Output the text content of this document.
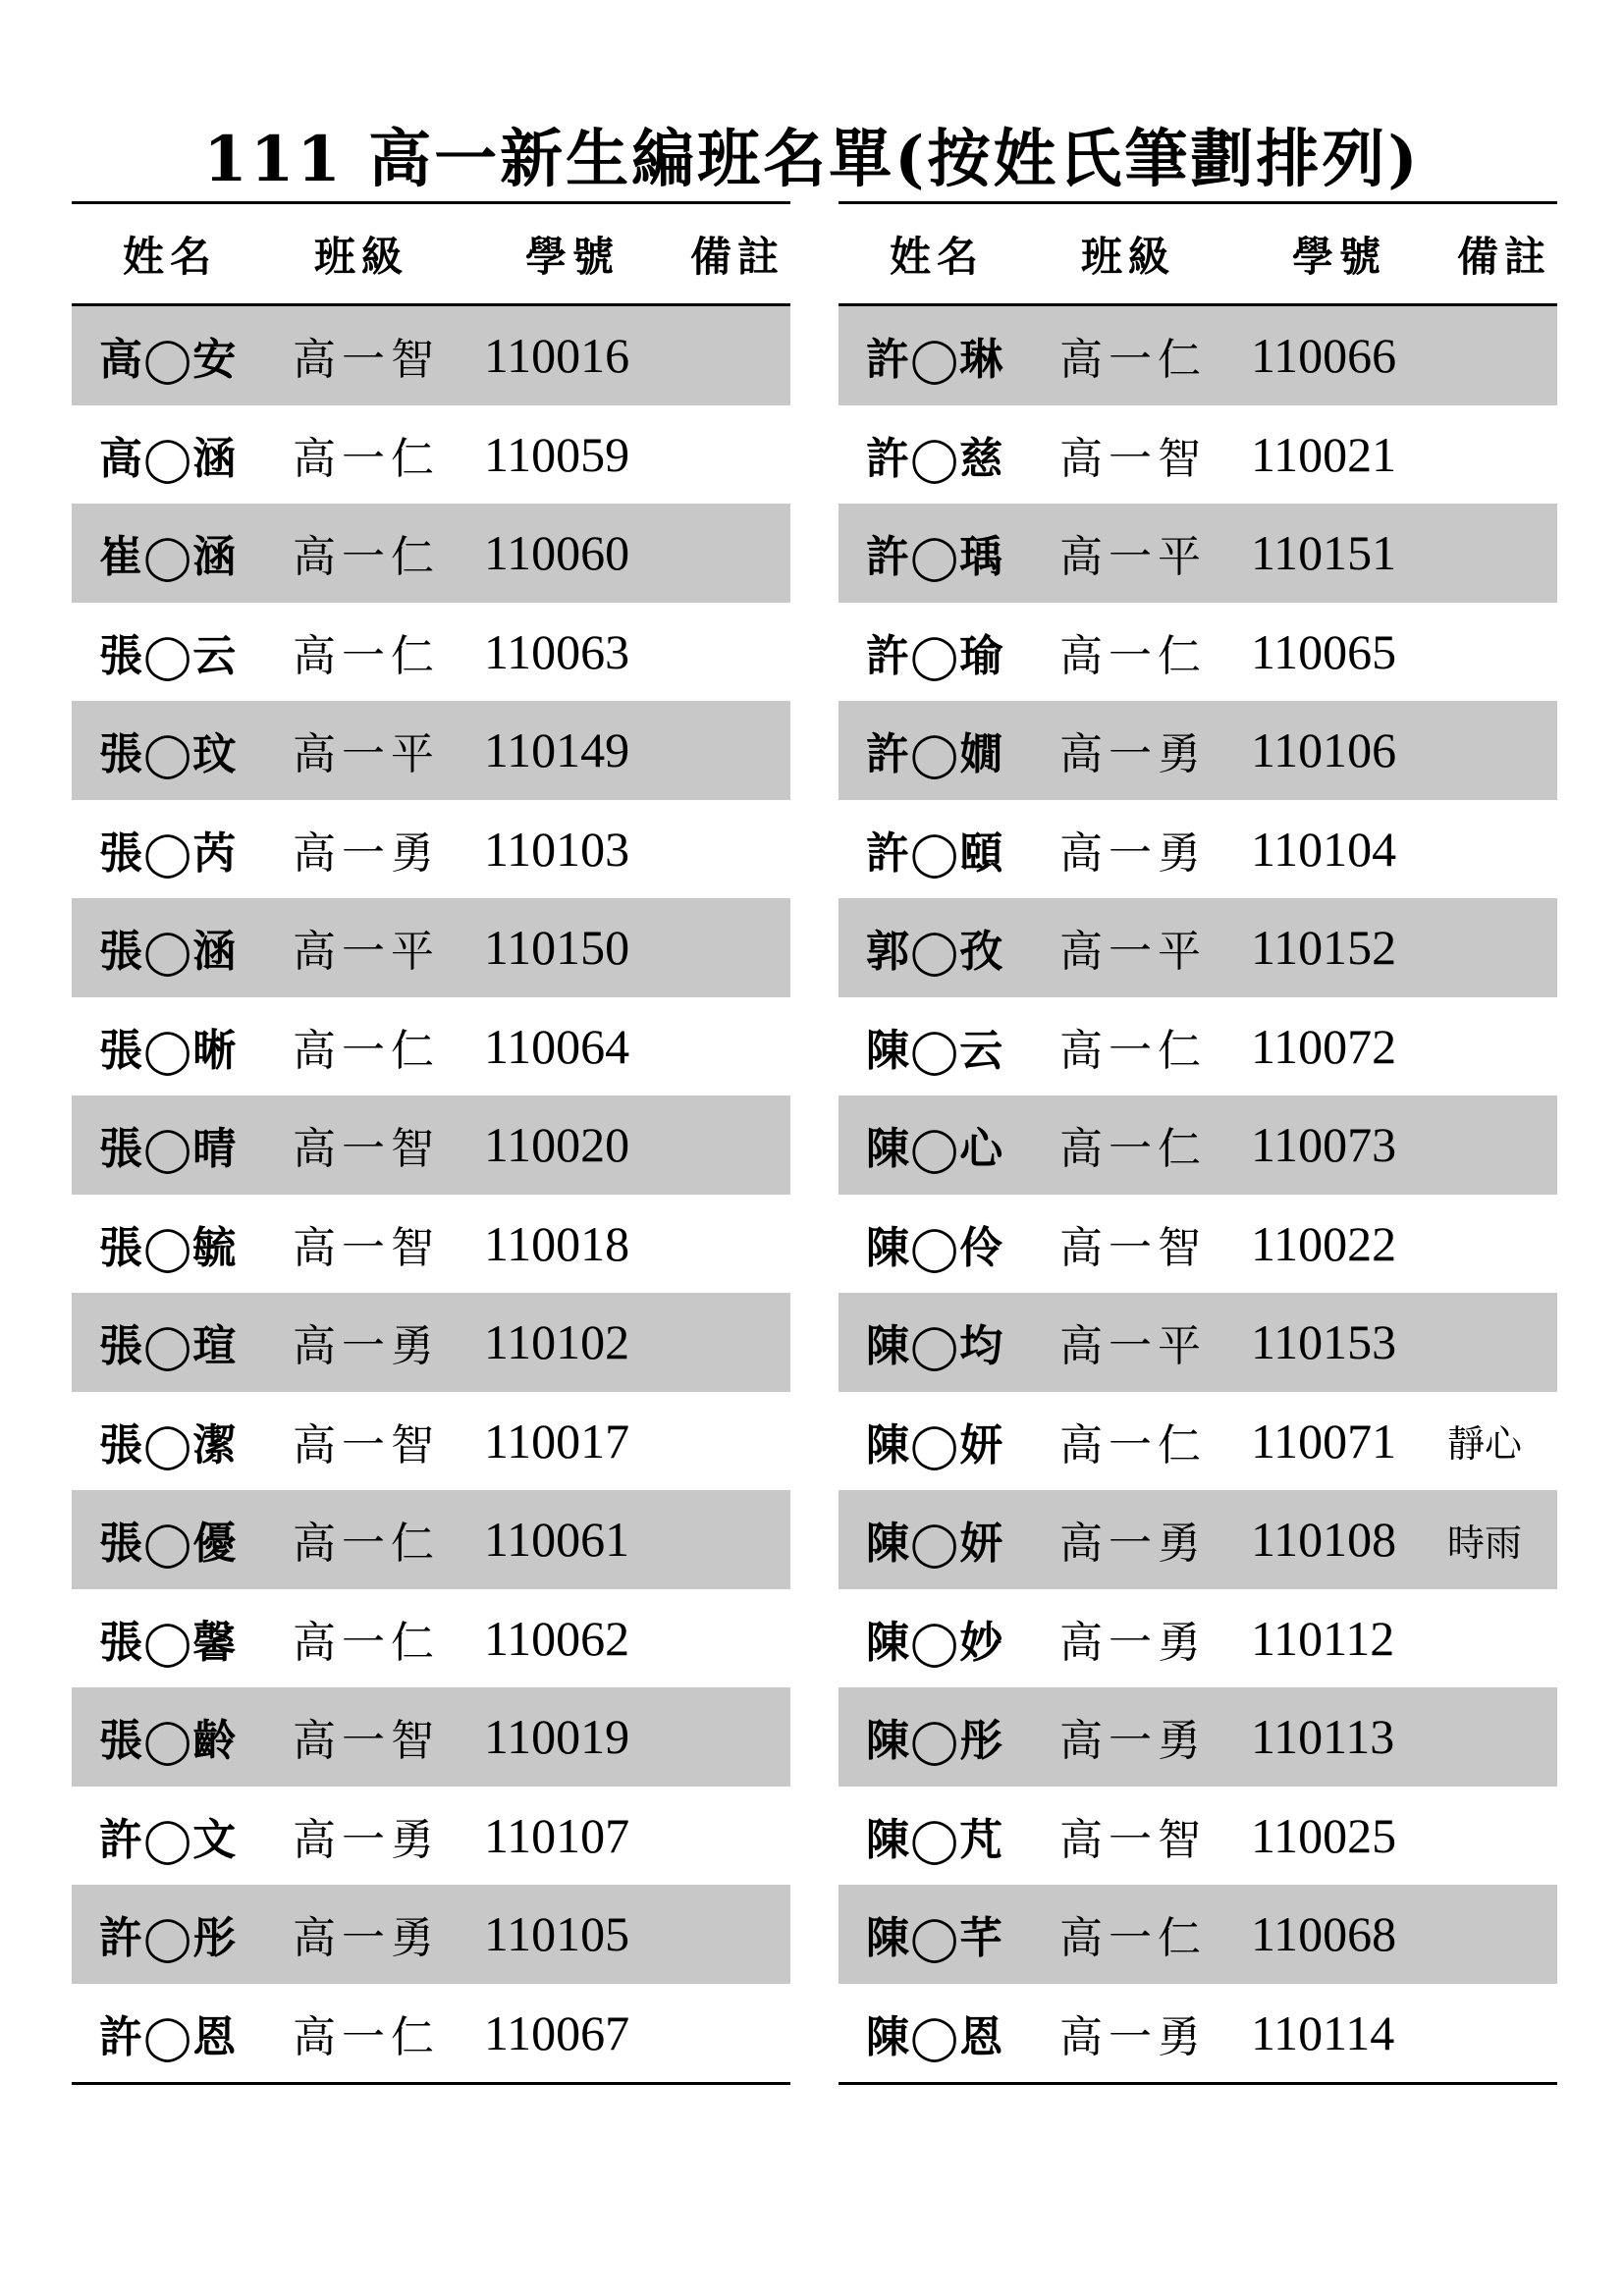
111 高一新生編班名單(按姓氏筆劃排列)
姓名	班級	學號	備註
高◯安	高一智 110016
高◯涵	高一仁 110059
崔◯涵	高一仁 110060
張◯云	高一仁 110063
張◯玟	高一平 110149
張◯芮	高一勇 110103
張◯涵	高一平 110150
張◯晰	高一仁 110064
張◯晴	高一智 110020
張◯毓	高一智 110018
張◯瑄	高一勇 110102
張◯潔	高一智 110017
張◯優	高一仁 110061
張◯馨	高一仁 110062
張◯齡	高一智 110019
許◯文	高一勇 110107
許◯彤	高一勇 110105
許◯恩	高一仁 110067
姓名	班級	學號	備註
許◯琳	高一仁 110066
許◯慈	高一智 110021
許◯瑀	高一平 110151
許◯瑜	高一仁 110065
許◯嫺	高一勇 110106
許◯頤	高一勇 110104
郭◯孜	高一平 110152
陳◯云	高一仁 110072
陳◯心	高一仁 110073
陳◯伶	高一智 110022
陳◯均	高一平 110153
陳◯妍	高一仁 110071	靜心
陳◯妍	高一勇 110108	時雨
陳◯妙	高一勇 110112
陳◯彤	高一勇 110113
陳◯芃	高一智 110025
陳◯芊	高一仁 110068
陳◯恩	高一勇 110114
